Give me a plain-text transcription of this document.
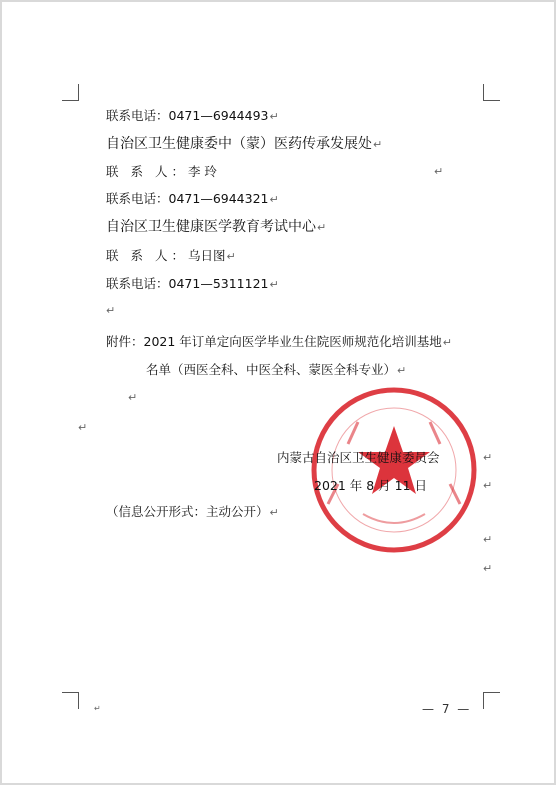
联系电话：0471—6944493↵
自治区卫生健康委中（蒙）医药传承发展处↵
联 系 人：李 玲	↵
联系电话：0471—6944321↵
自治区卫生健康医学教育考试中心↵
联 系 人：乌日图↵
联系电话：0471—5311121↵
↵
附件：2021 年订单定向医学毕业生住院医师规范化培训基地↵
名单（西医全科、中医全科、蒙医全科专业）↵
↵
↵
内蒙古自治区卫生健康委员会	↵
2021 年 8 月 11 日	↵
（信息公开形式：主动公开）↵
↵
↵
↵	— 7 —
